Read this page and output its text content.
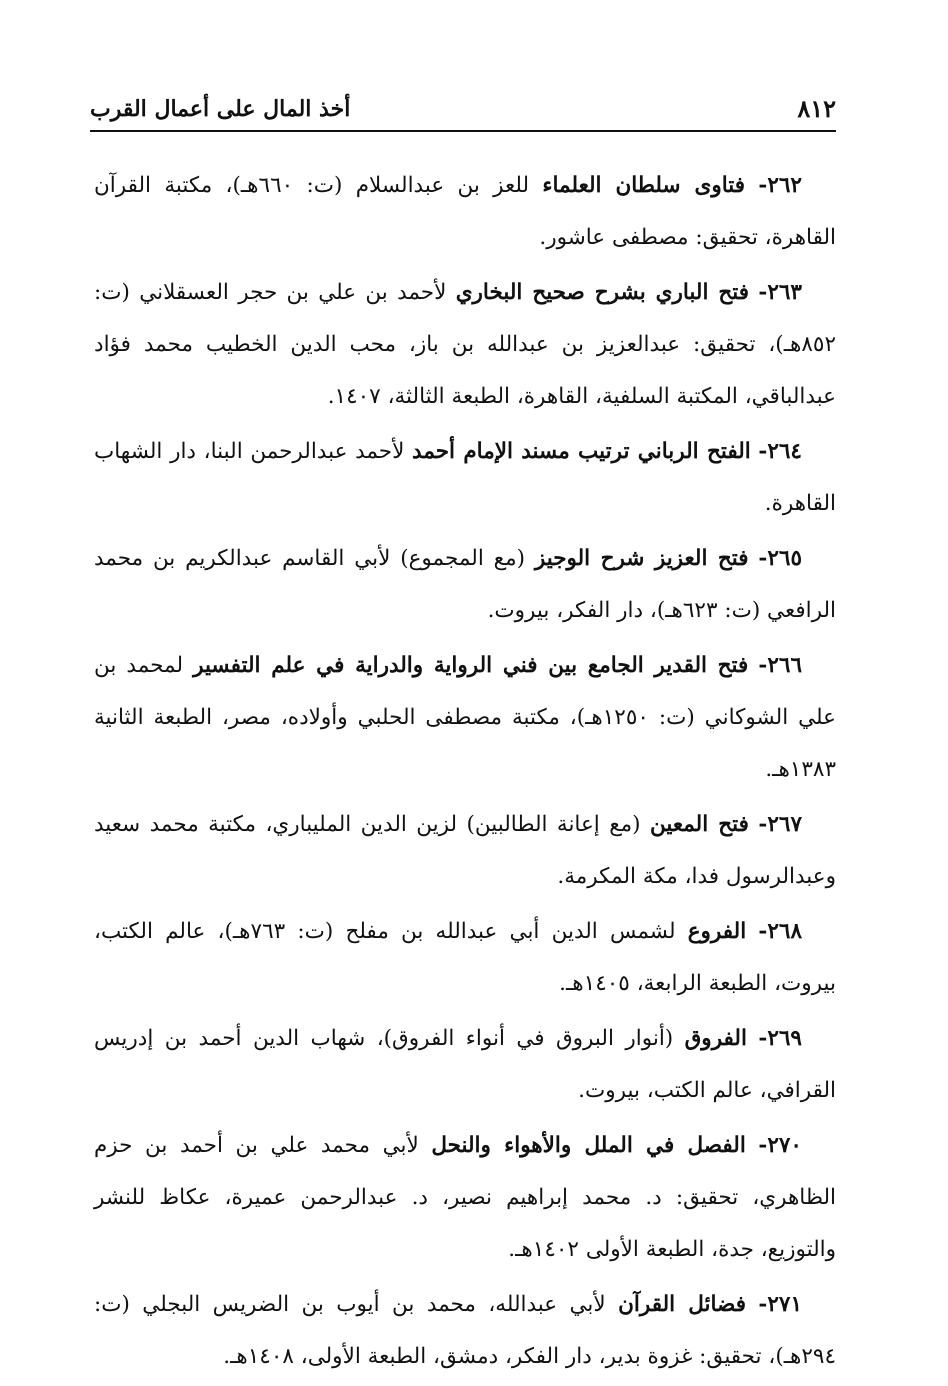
٨١٢
أخذ المال على أعمال القرب

٢٦٢- فتاوى سلطان العلماء للعز بن عبدالسلام (ت: ٦٦٠هـ)، مكتبة القرآن القاهرة، تحقيق: مصطفى عاشور.

٢٦٣- فتح الباري بشرح صحيح البخاري لأحمد بن علي بن حجر العسقلاني (ت: ٨٥٢هـ)، تحقيق: عبدالعزيز بن عبدالله بن باز، محب الدين الخطيب محمد فؤاد عبدالباقي، المكتبة السلفية، القاهرة، الطبعة الثالثة، ١٤٠٧.

٢٦٤- الفتح الرباني ترتيب مسند الإمام أحمد لأحمد عبدالرحمن البنا، دار الشهاب القاهرة.

٢٦٥- فتح العزيز شرح الوجيز (مع المجموع) لأبي القاسم عبدالكريم بن محمد الرافعي (ت: ٦٢٣هـ)، دار الفكر، بيروت.

٢٦٦- فتح القدير الجامع بين فني الرواية والدراية في علم التفسير لمحمد بن علي الشوكاني (ت: ١٢٥٠هـ)، مكتبة مصطفى الحلبي وأولاده، مصر، الطبعة الثانية ١٣٨٣هـ.

٢٦٧- فتح المعين (مع إعانة الطالبين) لزين الدين المليباري، مكتبة محمد سعيد وعبدالرسول فدا، مكة المكرمة.

٢٦٨- الفروع لشمس الدين أبي عبدالله بن مفلح (ت: ٧٦٣هـ)، عالم الكتب، بيروت، الطبعة الرابعة، ١٤٠٥هـ.

٢٦٩- الفروق (أنوار البروق في أنواء الفروق)، شهاب الدين أحمد بن إدريس القرافي، عالم الكتب، بيروت.

٢٧٠- الفصل في الملل والأهواء والنحل لأبي محمد علي بن أحمد بن حزم الظاهري، تحقيق: د. محمد إبراهيم نصير، د. عبدالرحمن عميرة، عكاظ للنشر والتوزيع، جدة، الطبعة الأولى ١٤٠٢هـ.

٢٧١- فضائل القرآن لأبي عبدالله، محمد بن أيوب بن الضريس البجلي (ت: ٢٩٤هـ)، تحقيق: غزوة بدير، دار الفكر، دمشق، الطبعة الأولى، ١٤٠٨هـ.
